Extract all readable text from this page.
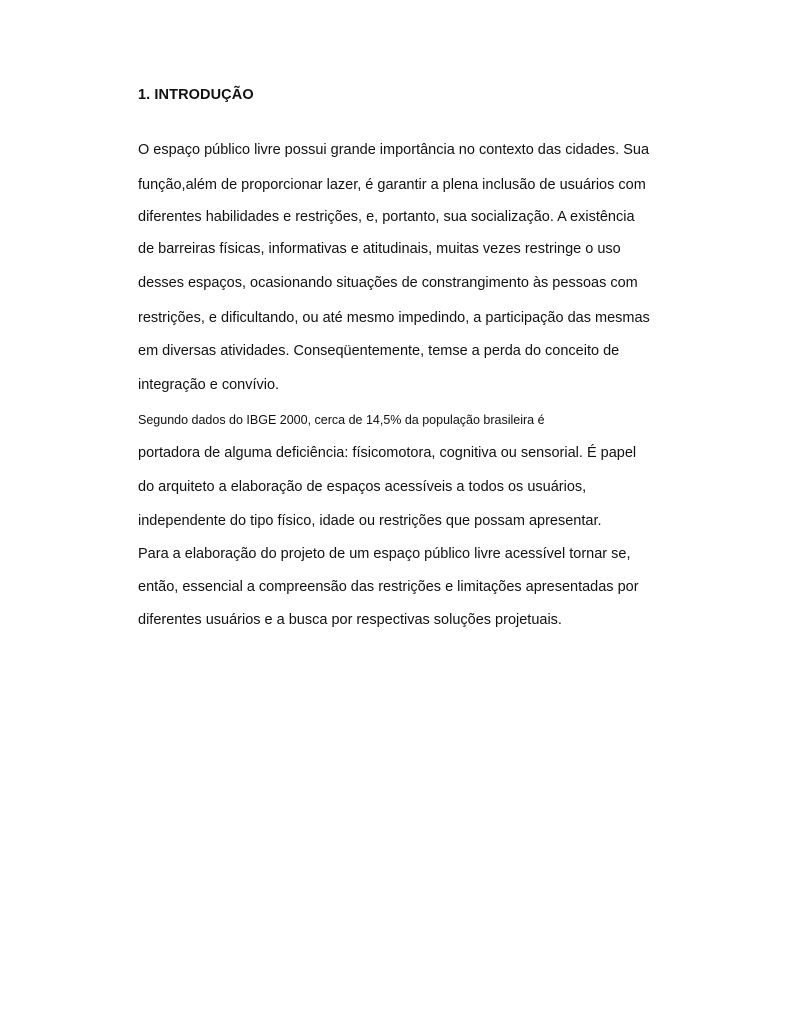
1. INTRODUÇÃO
O espaço público livre possui grande importância no contexto das cidades. Sua
função,além de proporcionar lazer, é garantir a plena inclusão de usuários com
diferentes habilidades e restrições, e, portanto, sua socialização. A existência
de barreiras físicas, informativas e atitudinais, muitas vezes restringe o uso
desses espaços, ocasionando situações de constrangimento às pessoas com
restrições, e dificultando, ou até mesmo impedindo, a participação das mesmas
em diversas atividades. Conseqüentemente, temse a perda do conceito de
integração e convívio.
Segundo dados do IBGE 2000, cerca de 14,5% da população brasileira é
portadora de alguma deficiência: físicomotora, cognitiva ou sensorial. É papel
do arquiteto a elaboração de espaços acessíveis a todos os usuários,
independente do tipo físico, idade ou restrições que possam apresentar.
Para a elaboração do projeto de um espaço público livre acessível tornar se,
então, essencial a compreensão das restrições e limitações apresentadas por
diferentes usuários e a busca por respectivas soluções projetuais.
